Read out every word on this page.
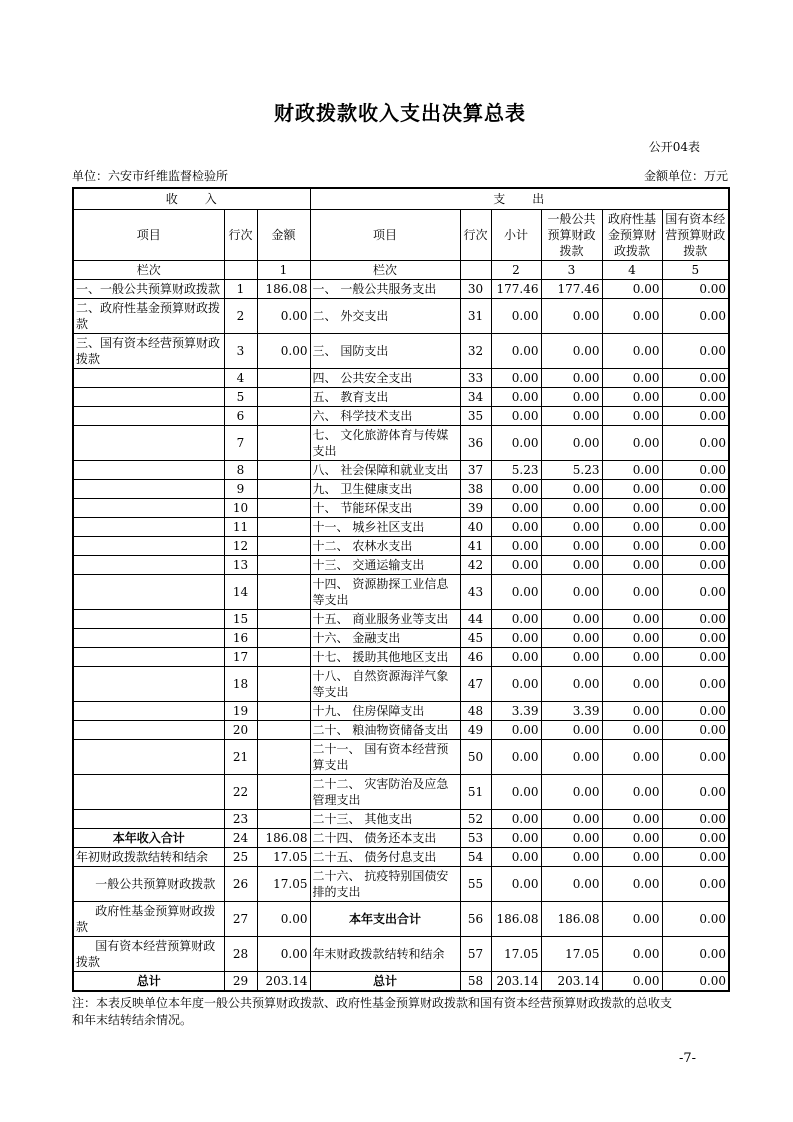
财政拨款收入支出决算总表
公开04表
单位：六安市纤维监督检验所	金额单位：万元
收　　入			支　　出					
项目	行次	金额	项目	行次	小计	一般公共预算财政拨款	政府性基金预算财政拨款	国有资本经营预算财政拨款
栏次		1	栏次		2	3	4	5
一、一般公共预算财政拨款	1	186.08	一、 一般公共服务支出	30	177.46	177.46	0.00	0.00
二、政府性基金预算财政拨款	2	0.00	二、 外交支出	31	0.00	0.00	0.00	0.00
三、国有资本经营预算财政拨款	3	0.00	三、 国防支出	32	0.00	0.00	0.00	0.00
	4		四、 公共安全支出	33	0.00	0.00	0.00	0.00
	5		五、 教育支出	34	0.00	0.00	0.00	0.00
	6		六、 科学技术支出	35	0.00	0.00	0.00	0.00
	7		七、 文化旅游体育与传媒支出	36	0.00	0.00	0.00	0.00
	8		八、 社会保障和就业支出	37	5.23	5.23	0.00	0.00
	9		九、 卫生健康支出	38	0.00	0.00	0.00	0.00
	10		十、 节能环保支出	39	0.00	0.00	0.00	0.00
	11		十一、 城乡社区支出	40	0.00	0.00	0.00	0.00
	12		十二、 农林水支出	41	0.00	0.00	0.00	0.00
	13		十三、 交通运输支出	42	0.00	0.00	0.00	0.00
	14		十四、 资源勘探工业信息等支出	43	0.00	0.00	0.00	0.00
	15		十五、 商业服务业等支出	44	0.00	0.00	0.00	0.00
	16		十六、 金融支出	45	0.00	0.00	0.00	0.00
	17		十七、 援助其他地区支出	46	0.00	0.00	0.00	0.00
	18		十八、 自然资源海洋气象等支出	47	0.00	0.00	0.00	0.00
	19		十九、 住房保障支出	48	3.39	3.39	0.00	0.00
	20		二十、 粮油物资储备支出	49	0.00	0.00	0.00	0.00
	21		二十一、 国有资本经营预算支出	50	0.00	0.00	0.00	0.00
	22		二十二、 灾害防治及应急管理支出	51	0.00	0.00	0.00	0.00
	23		二十三、 其他支出	52	0.00	0.00	0.00	0.00
本年收入合计	24	186.08	二十四、 债务还本支出	53	0.00	0.00	0.00	0.00
年初财政拨款结转和结余	25	17.05	二十五、 债务付息支出	54	0.00	0.00	0.00	0.00
一般公共预算财政拨款	26	17.05	二十六、 抗疫特别国债安排的支出	55	0.00	0.00	0.00	0.00
政府性基金预算财政拨款	27	0.00	本年支出合计	56	186.08	186.08	0.00	0.00
国有资本经营预算财政拨款	28	0.00	年末财政拨款结转和结余	57	17.05	17.05	0.00	0.00
总计	29	203.14	总计	58	203.14	203.14	0.00	0.00
注：本表反映单位本年度一般公共预算财政拨款、政府性基金预算财政拨款和国有资本经营预算财政拨款的总收支
和年末结转结余情况。
-7-
